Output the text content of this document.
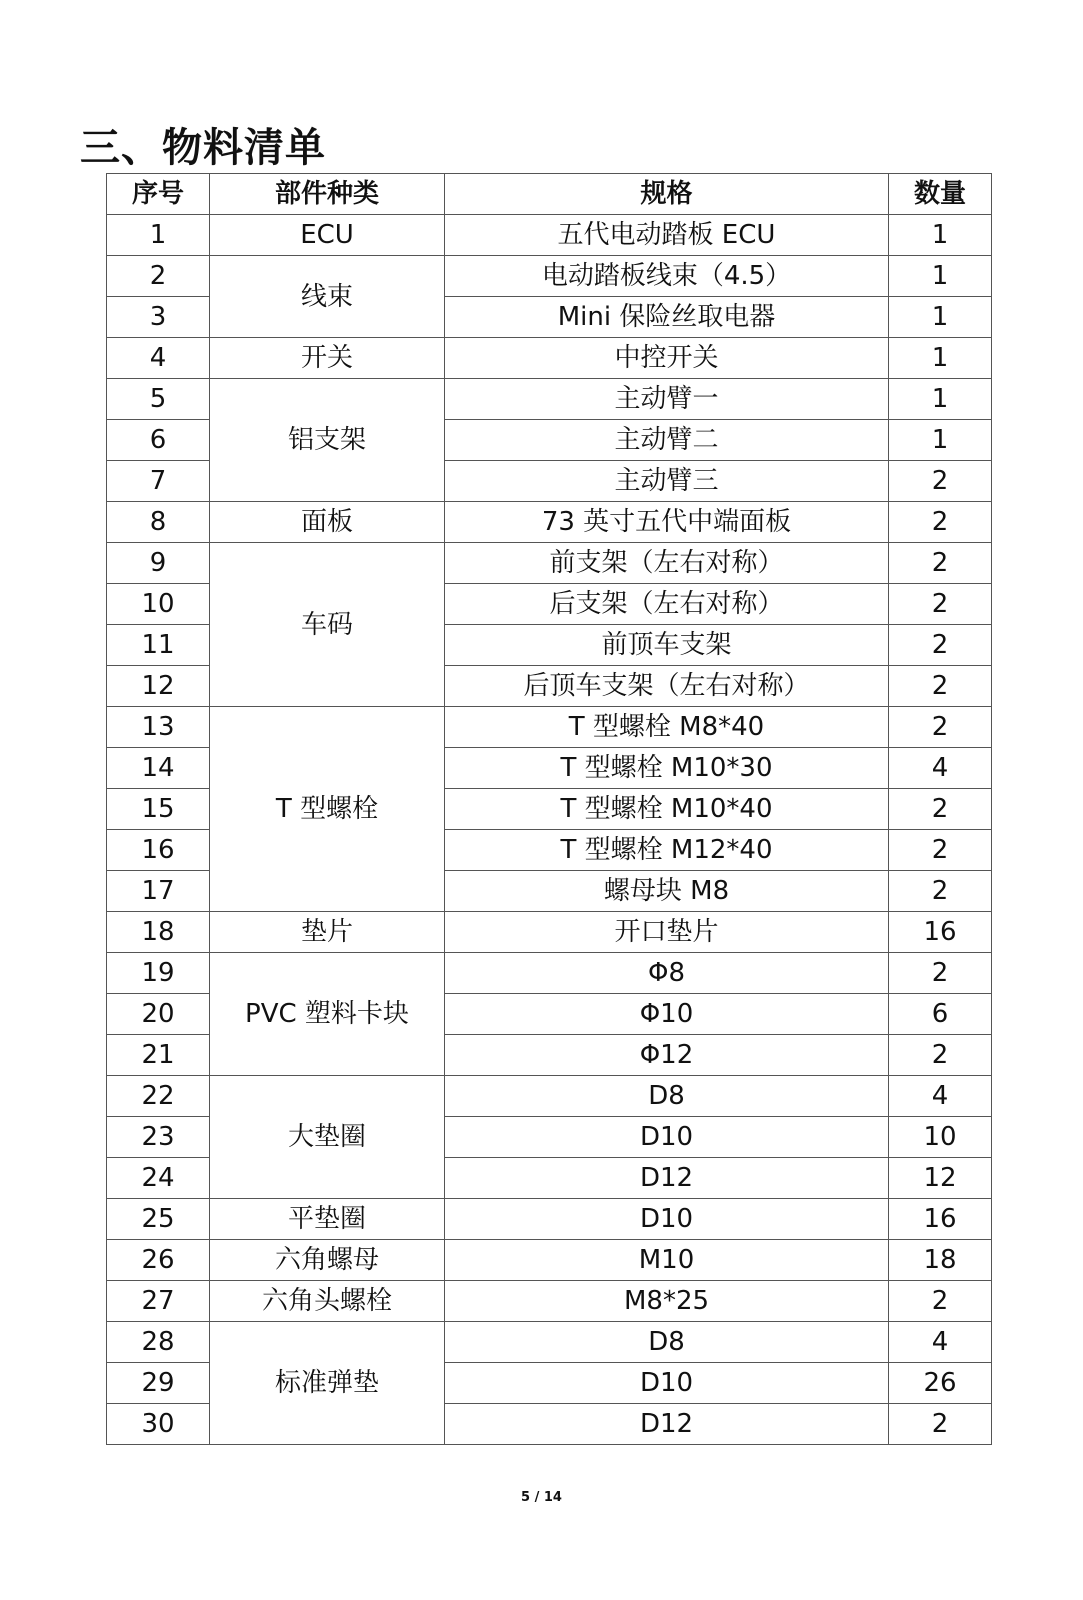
三、物料清单
序号	部件种类	规格	数量
1	ECU	五代电动踏板 ECU	1
2	线束	电动踏板线束（4.5）	1
3		Mini 保险丝取电器	1
4	开关	中控开关	1
5	铝支架	主动臂一	1
6		主动臂二	1
7		主动臂三	2
8	面板	73 英寸五代中端面板	2
9	车码	前支架（左右对称）	2
10		后支架（左右对称）	2
11		前顶车支架	2
12		后顶车支架（左右对称）	2
13	T 型螺栓	T 型螺栓 M8*40	2
14		T 型螺栓 M10*30	4
15		T 型螺栓 M10*40	2
16		T 型螺栓 M12*40	2
17		螺母块 M8	2
18	垫片	开口垫片	16
19	PVC 塑料卡块	Φ8	2
20		Φ10	6
21		Φ12	2
22	大垫圈	D8	4
23		D10	10
24		D12	12
25	平垫圈	D10	16
26	六角螺母	M10	18
27	六角头螺栓	M8*25	2
28	标准弹垫	D8	4
29		D10	26
30		D12	2
5 / 14
